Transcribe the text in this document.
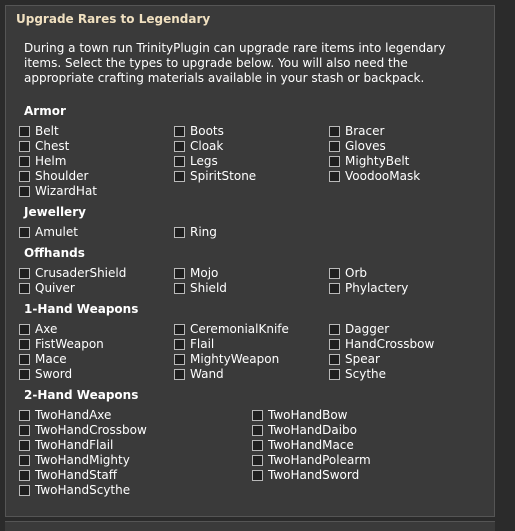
Upgrade Rares to Legendary
During a town run TrinityPlugin can upgrade rare items into legendary items. Select the types to upgrade below. You will also need the appropriate crafting materials available in your stash or backpack.
Armor
Belt
Chest
Helm
Shoulder
WizardHat
Boots
Cloak
Legs
SpiritStone
Bracer
Gloves
MightyBelt
VoodooMask
Jewellery
Amulet	Ring
Offhands
CrusaderShield
Quiver
Mojo
Shield
Orb
Phylactery
1-Hand Weapons
Axe
FistWeapon
Mace
Sword
CeremonialKnife
Flail
MightyWeapon
Wand
Dagger
HandCrossbow
Spear
Scythe
2-Hand Weapons
TwoHandAxe
TwoHandCrossbow
TwoHandFlail
TwoHandMighty
TwoHandStaff
TwoHandScythe
TwoHandBow
TwoHandDaibo
TwoHandMace
TwoHandPolearm
TwoHandSword
